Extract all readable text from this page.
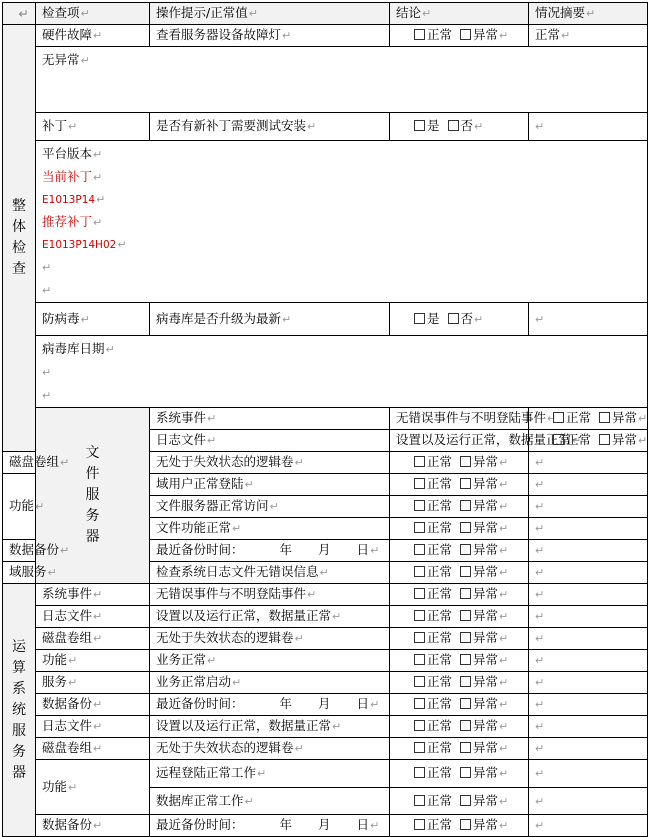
↵	检查项 ↵	操作提示/正常值 ↵	结论 ↵	情况摘要 ↵
整体检查	硬件故障 ↵	查看服务器设备故障灯 ↵	正常 异常 ↵	正常 ↵

	无异常 ↵

	补丁 ↵	是否有新补丁需要测试安装 ↵	是 否 ↵	↵

	平台版本 ↵
当前补丁 ↵
E1013P14 ↵
推荐补丁 ↵
E1013P14H02 ↵
↵
↵

	防病毒 ↵	病毒库是否升级为最新 ↵	是 否 ↵	↵

	病毒库日期 ↵
↵
↵

	文件服务器	系统事件 ↵	无错误事件与不明登陆事件 ↵	正常 异常 ↵	
		日志文件 ↵	设置以及运行正常，数据量正常 ↵	正常 异常 ↵	
磁盘卷组 ↵		无处于失效状态的逻辑卷 ↵	正常 异常 ↵	↵
功能 ↵		域用户正常登陆 ↵	正常 异常 ↵	↵
		文件服务器正常访问 ↵	正常 异常 ↵	↵
		文件功能正常 ↵	正常 异常 ↵	↵
数据备份 ↵		最近备份时间： 年 月 日 ↵	正常 异常 ↵	↵
域服务 ↵		检查系统日志文件无错误信息 ↵	正常 异常 ↵	↵
运算系统服务器	系统事件 ↵	无错误事件与不明登陆事件 ↵	正常 异常 ↵	↵
	日志文件 ↵	设置以及运行正常，数据量正常 ↵	正常 异常 ↵	↵
	磁盘卷组 ↵	无处于失效状态的逻辑卷 ↵	正常 异常 ↵	↵
	功能 ↵	业务正常 ↵	正常 异常 ↵	↵
	服务 ↵	业务正常启动 ↵	正常 异常 ↵	↵
	数据备份 ↵	最近备份时间： 年 月 日 ↵	正常 异常 ↵	↵
	日志文件 ↵	设置以及运行正常，数据量正常 ↵	正常 异常 ↵	↵
	磁盘卷组 ↵	无处于失效状态的逻辑卷 ↵	正常 异常 ↵	↵
	功能 ↵	远程登陆正常工作 ↵	正常 异常 ↵	↵
		数据库正常工作 ↵	正常 异常 ↵	↵
	数据备份 ↵	最近备份时间： 年 月 日 ↵	正常 异常 ↵	↵
